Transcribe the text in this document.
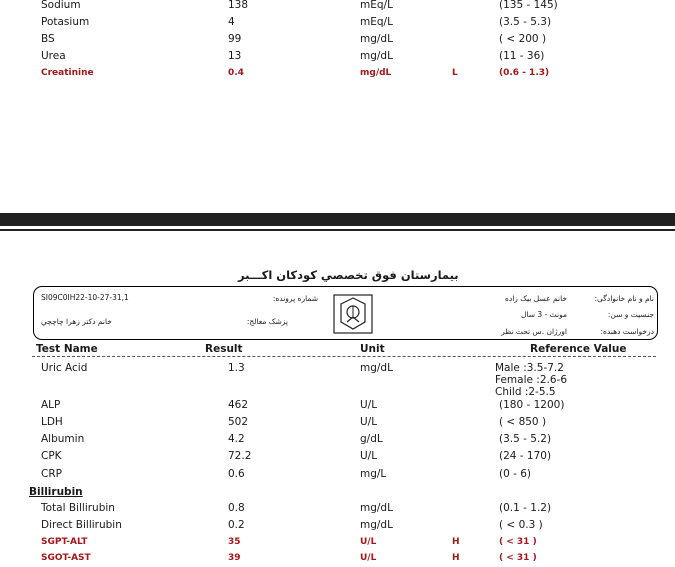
Sodium	138	mEq/L	(135 - 145)
Potasium	4	mEq/L	(3.5 - 5.3)
BS	99	mg/dL	( < 200 )
Urea	13	mg/dL	(11 - 36)
Creatinine	0.4	mg/dL	L	(0.6 - 1.3)
بیمارستان فوق تخصصي کودکان اکـــبر
SI09C0IH22-10-27-31,1	شماره پرونده:	خانم عسل بیک زاده	نام و نام خانوادگی:
خانم دکتر زهرا چاچچي	پزشک معالج:
مونث - 3 سال	جنسیت و سن:
اورژان .س تحت نظر	درخواست دهنده:
Test Name	Result	Unit	Reference Value
Uric Acid	1.3	mg/dL	Male :3.5-7.2
Female :2.6-6
Child :2-5.5
ALP	462	U/L	(180 - 1200)
LDH	502	U/L	( < 850 )
Albumin	4.2	g/dL	(3.5 - 5.2)
CPK	72.2	U/L	(24 - 170)
CRP	0.6	mg/L	(0 - 6)
Billirubin
Total Billirubin	0.8	mg/dL	(0.1 - 1.2)
Direct Billirubin	0.2	mg/dL	( < 0.3 )
SGPT-ALT	35	U/L	H	( < 31 )
SGOT-AST	39	U/L	H	( < 31 )
